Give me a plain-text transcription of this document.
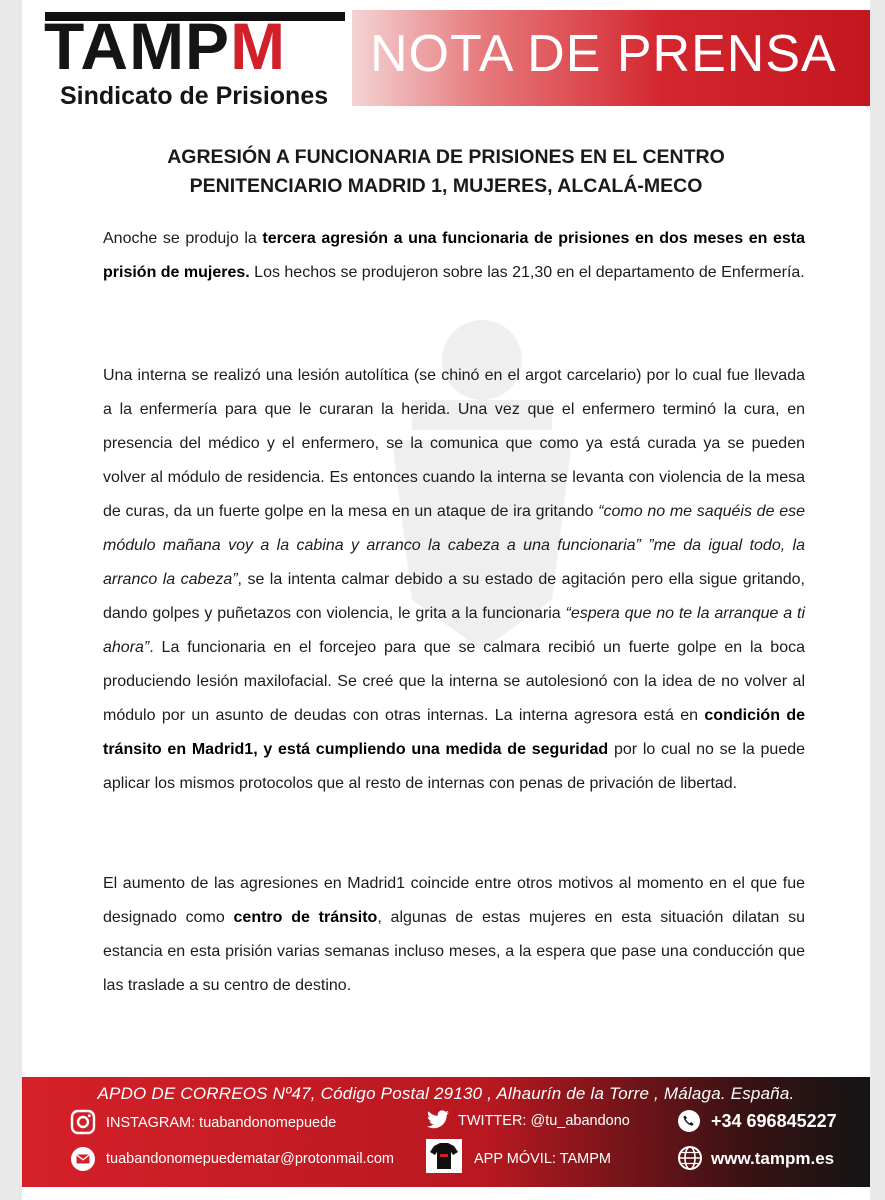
TAMPM
Sindicato de Prisiones
NOTA DE PRENSA
AGRESIÓN A FUNCIONARIA DE PRISIONES EN EL CENTRO
PENITENCIARIO MADRID 1, MUJERES, ALCALÁ-MECO
Anoche se produjo la tercera agresión a una funcionaria de prisiones en dos meses en esta prisión de mujeres. Los hechos se produjeron sobre las 21,30 en el departamento de Enfermería.
Una interna se realizó una lesión autolítica (se chinó en el argot carcelario) por lo cual fue llevada a la enfermería para que le curaran la herida. Una vez que el enfermero terminó la cura, en presencia del médico y el enfermero, se la comunica que como ya está curada ya se pueden volver al módulo de residencia. Es entonces cuando la interna se levanta con violencia de la mesa de curas, da un fuerte golpe en la mesa en un ataque de ira gritando “como no me saquéis de ese módulo mañana voy a la cabina y arranco la cabeza a una funcionaria” ”me da igual todo, la arranco la cabeza”, se la intenta calmar debido a su estado de agitación pero ella sigue gritando, dando golpes y puñetazos con violencia, le grita a la funcionaria “espera que no te la arranque a ti ahora”. La funcionaria en el forcejeo para que se calmara recibió un fuerte golpe en la boca produciendo lesión maxilofacial. Se creé que la interna se autolesionó con la idea de no volver al módulo por un asunto de deudas con otras internas. La interna agresora está en condición de tránsito en Madrid1, y está cumpliendo una medida de seguridad por lo cual no se la puede aplicar los mismos protocolos que al resto de internas con penas de privación de libertad.
El aumento de las agresiones en Madrid1 coincide entre otros motivos al momento en el que fue designado como centro de tránsito, algunas de estas mujeres en esta situación dilatan su estancia en esta prisión varias semanas incluso meses, a la espera que pase una conducción que las traslade a su centro de destino.
APDO DE CORREOS Nº47, Código Postal 29130 , Alhaurín de la Torre , Málaga. España.
INSTAGRAM: tuabandonomepuede	TWITTER: @tu_abandono	+34 696845227
tuabandonomepuedematar@protonmail.com	APP MÓVIL: TAMPM	www.tampm.es
